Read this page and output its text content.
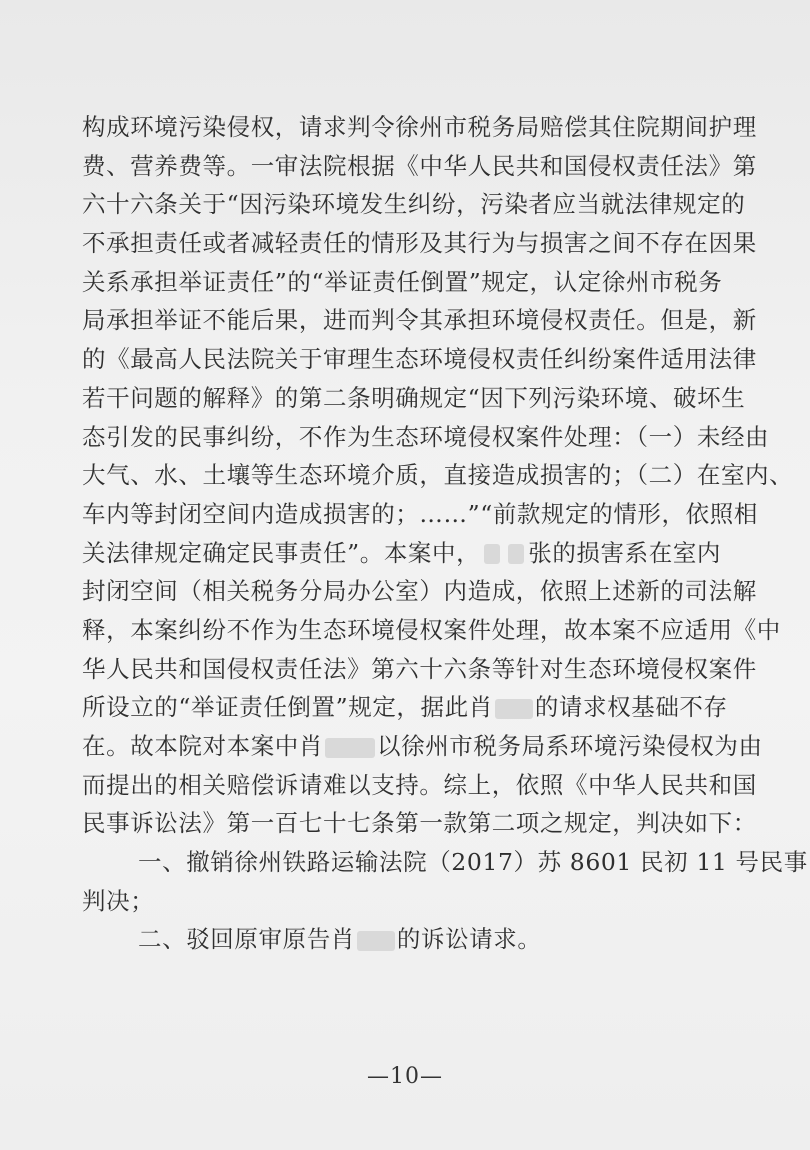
构成环境污染侵权，请求判令徐州市税务局赔偿其住院期间护理
费、营养费等。一审法院根据《中华人民共和国侵权责任法》第
六十六条关于“因污染环境发生纠纷，污染者应当就法律规定的
不承担责任或者减轻责任的情形及其行为与损害之间不存在因果
关系承担举证责任”的“举证责任倒置”规定，认定徐州市税务
局承担举证不能后果，进而判令其承担环境侵权责任。但是，新
的《最高人民法院关于审理生态环境侵权责任纠纷案件适用法律
若干问题的解释》的第二条明确规定“因下列污染环境、破坏生
态引发的民事纠纷，不作为生态环境侵权案件处理：（一）未经由
大气、水、土壤等生态环境介质，直接造成损害的；（二）在室内、
车内等封闭空间内造成损害的；……”“前款规定的情形，依照相
关法律规定确定民事责任”。本案中， 张的损害系在室内
封闭空间（相关税务分局办公室）内造成，依照上述新的司法解
释，本案纠纷不作为生态环境侵权案件处理，故本案不应适用《中
华人民共和国侵权责任法》第六十六条等针对生态环境侵权案件
所设立的“举证责任倒置”规定，据此肖 的请求权基础不存
在。故本院对本案中肖 以徐州市税务局系环境污染侵权为由
而提出的相关赔偿诉请难以支持。综上，依照《中华人民共和国
民事诉讼法》第一百七十七条第一款第二项之规定，判决如下：
一、撤销徐州铁路运输法院（2017）苏 8601 民初 11 号民事
判决；
二、驳回原审原告肖 的诉讼请求。
—10—
